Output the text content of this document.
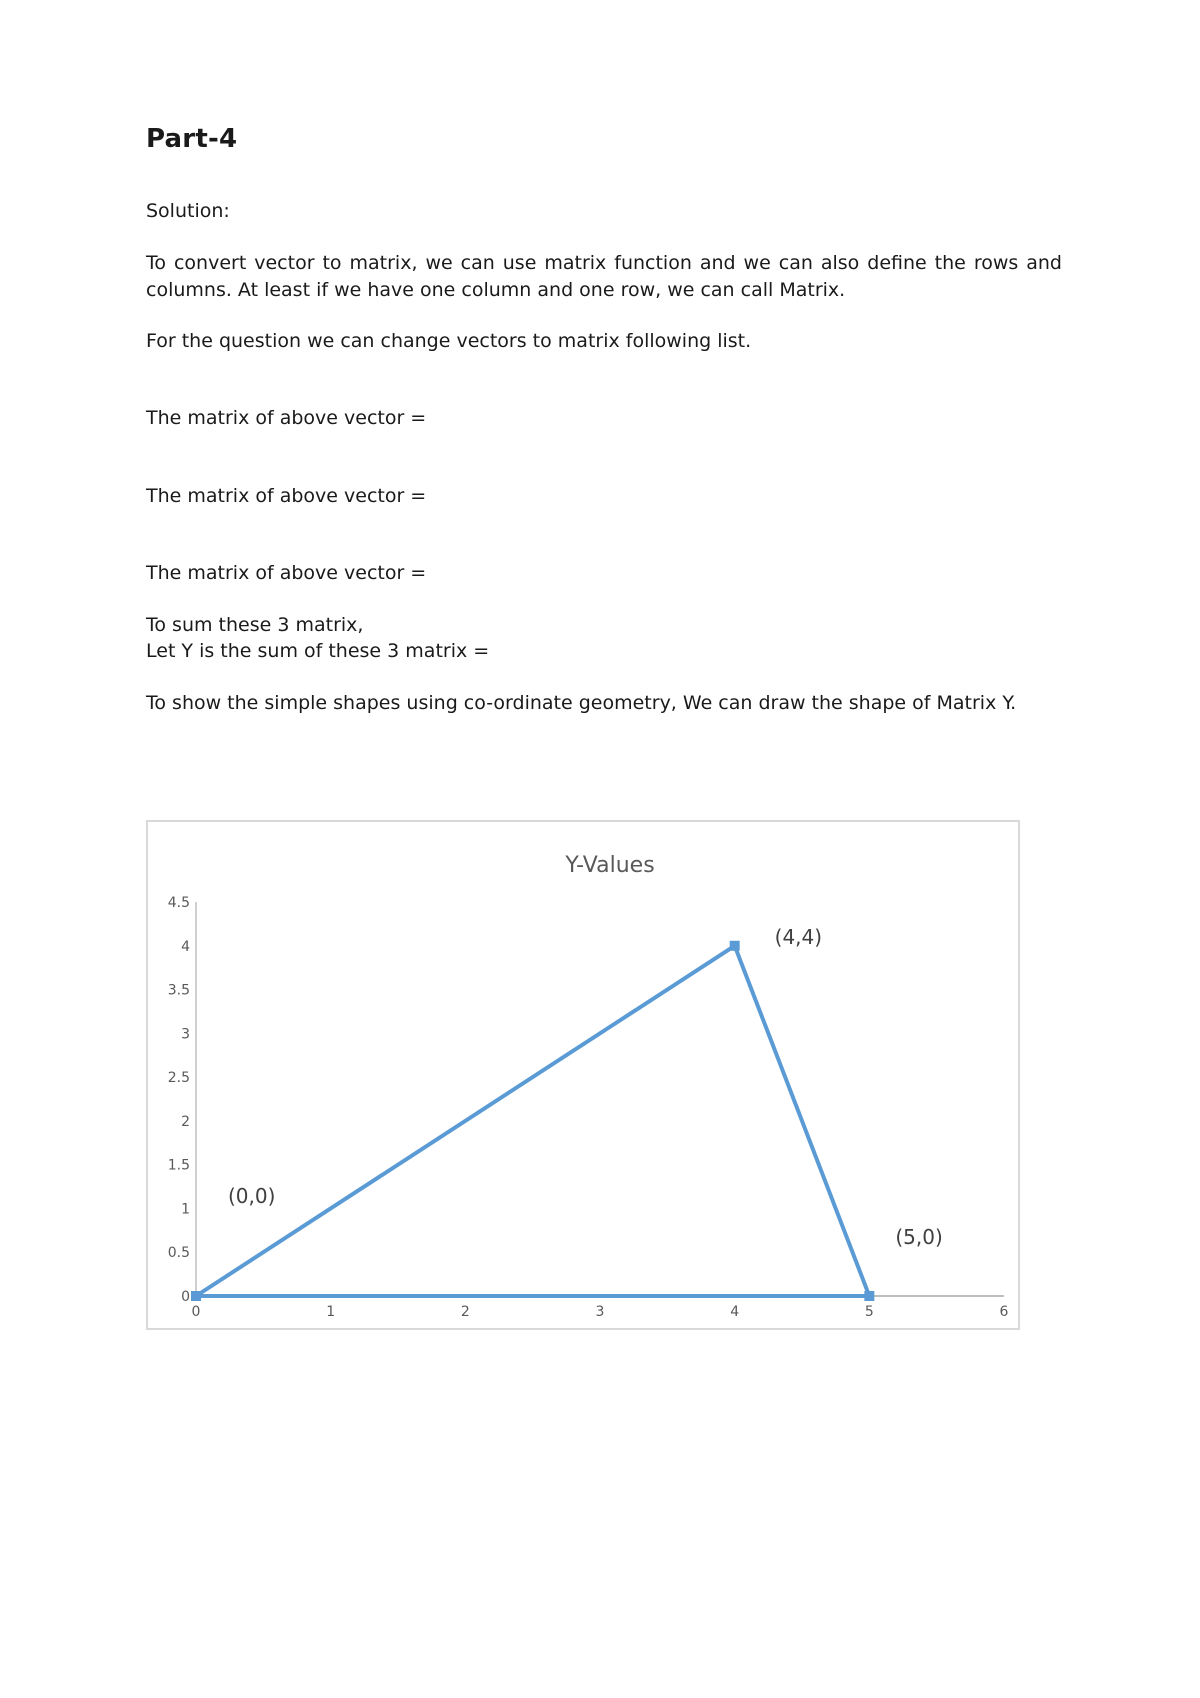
Part-4

Solution:

To convert vector to matrix, we can use matrix function and we can also define the rows and columns. At least if we have one column and one row, we can call Matrix.

For the question we can change vectors to matrix following list.

The matrix of above vector =

The matrix of above vector =

The matrix of above vector =

To sum these 3 matrix,

Let Y is the sum of these 3 matrix =

To show the simple shapes using co-ordinate geometry, We can draw the shape of Matrix Y.

Y-Values
0
0.5
1
1.5
2
2.5
3
3.5
4
4.5
0	1	2	3	4	5	6
(0,0)
(4,4)
(5,0)
